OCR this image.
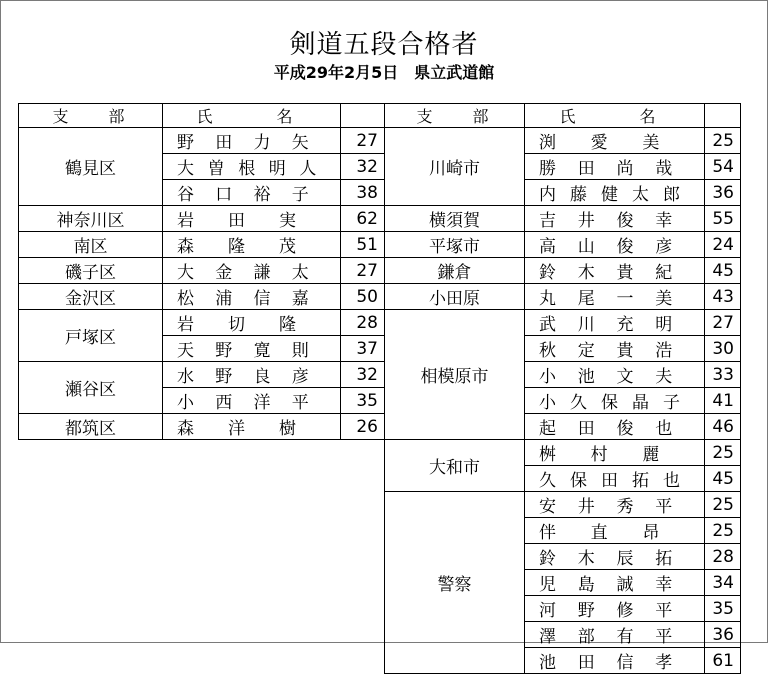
剣道五段合格者
平成29年2月5日　県立武道館
支部	氏名	
鶴見区	野 田 力 矢	27

大 曽 根 明 人	32

谷 口 裕 子	38
神奈川区	岩 田 実	62
南区	森 隆 茂	51
磯子区	大 金 謙 太	27
金沢区	松 浦 信 嘉	50
戸塚区	岩 切 隆	28

天 野 寛 則	37
瀬谷区	水 野 良 彦	32

小 西 洋 平	35
都筑区	森 洋 樹	26
支部	氏名	
川崎市	渕 愛 美	25

勝 田 尚 哉	54

内 藤 健 太 郎	36
横須賀	吉 井 俊 幸	55
平塚市	高 山 俊 彦	24
鎌倉	鈴 木 貴 紀	45
小田原	丸 尾 一 美	43
相模原市	武 川 充 明	27

秋 定 貴 浩	30

小 池 文 夫	33

小 久 保 晶 子	41

起 田 俊 也	46
大和市	桝 村 麗	25

久 保 田 拓 也	45
警察	安 井 秀 平	25

伴 直 昂	25

鈴 木 辰 拓	28

児 島 誠 幸	34

河 野 修 平	35

澤 部 有 平	36

池 田 信 孝	61
